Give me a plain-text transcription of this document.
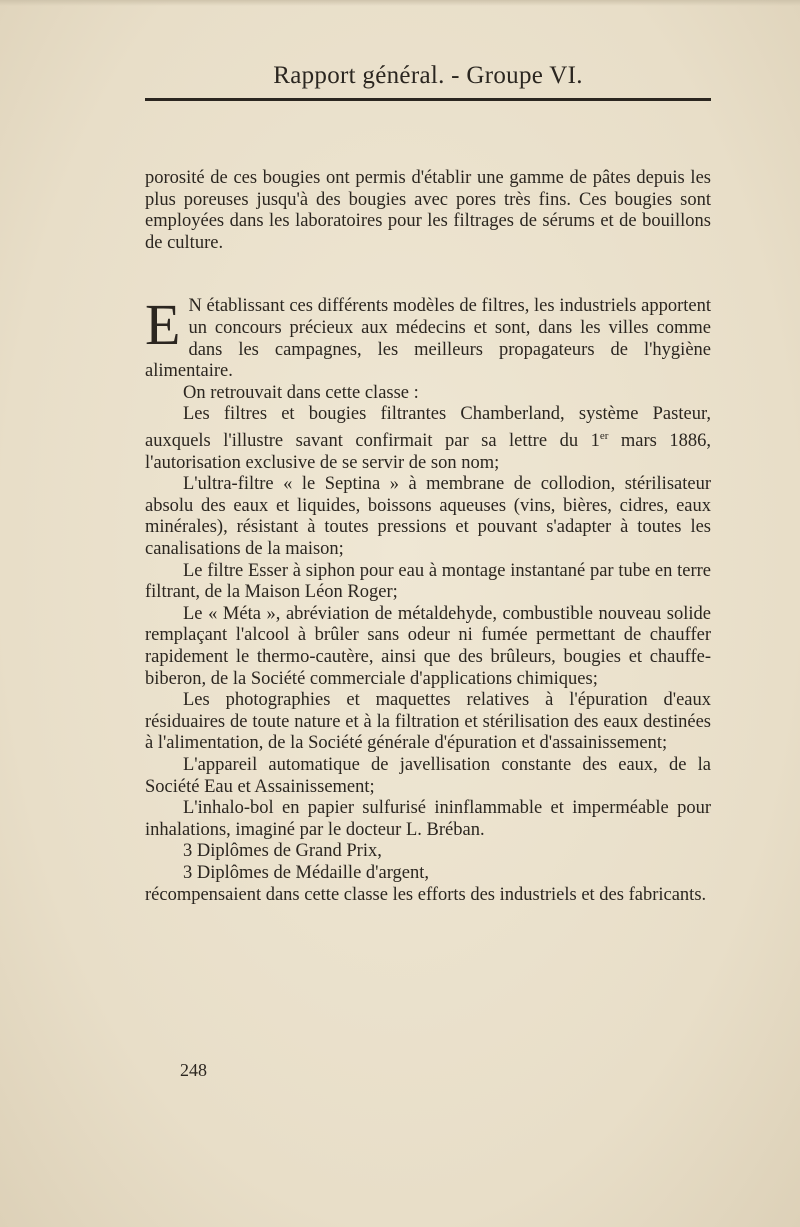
Rapport général. - Groupe VI.

porosité de ces bougies ont permis d'établir une gamme de pâtes depuis les plus poreuses jusqu'à des bougies avec pores très fins. Ces bougies sont employées dans les laboratoires pour les filtrages de sérums et de bouillons de culture.

E N établissant ces différents modèles de filtres, les industriels apportent un concours précieux aux médecins et sont, dans les villes comme dans les campagnes, les meilleurs propagateurs de l'hygiène alimentaire.

On retrouvait dans cette classe :

Les filtres et bougies filtrantes Chamberland, système Pasteur, auxquels l'illustre savant confirmait par sa lettre du 1er mars 1886, l'autorisation exclusive de se servir de son nom;

L'ultra-filtre « le Septina » à membrane de collodion, stérilisateur absolu des eaux et liquides, boissons aqueuses (vins, bières, cidres, eaux minérales), résistant à toutes pressions et pouvant s'adapter à toutes les canalisations de la maison;

Le filtre Esser à siphon pour eau à montage instantané par tube en terre filtrant, de la Maison Léon Roger;

Le « Méta », abréviation de métaldehyde, combustible nouveau solide remplaçant l'alcool à brûler sans odeur ni fumée permettant de chauffer rapidement le thermo-cautère, ainsi que des brûleurs, bougies et chauffe-biberon, de la Société commerciale d'applications chimiques;

Les photographies et maquettes relatives à l'épuration d'eaux résiduaires de toute nature et à la filtration et stérilisation des eaux destinées à l'alimentation, de la Société générale d'épuration et d'assainissement;

L'appareil automatique de javellisation constante des eaux, de la Société Eau et Assainissement;

L'inhalo-bol en papier sulfurisé ininflammable et imperméable pour inhalations, imaginé par le docteur L. Bréban.

3 Diplômes de Grand Prix,

3 Diplômes de Médaille d'argent,

récompensaient dans cette classe les efforts des industriels et des fabricants.

248
